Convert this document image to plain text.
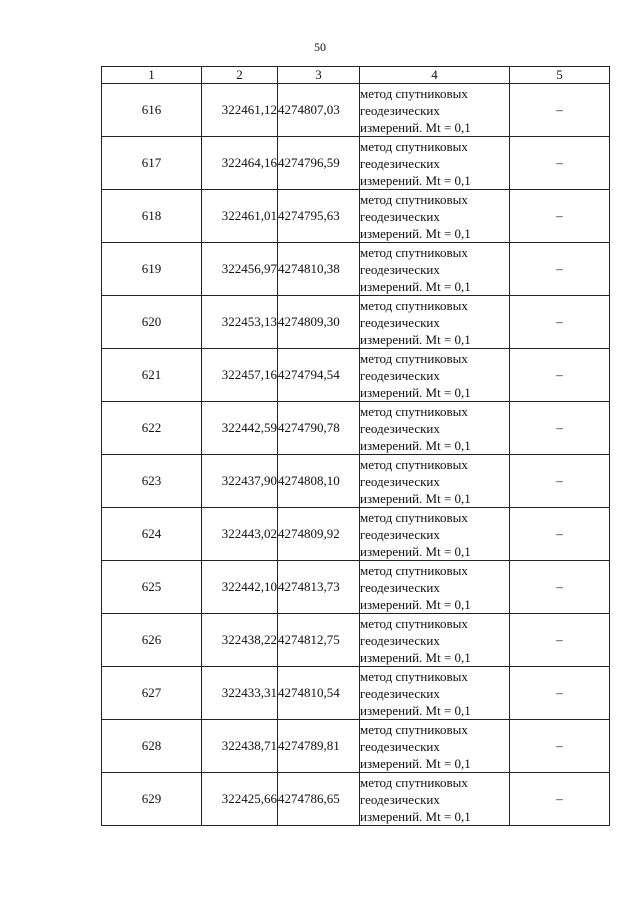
50
1	2	3	4	5
616	322461,12	4274807,03	метод спутниковых
геодезических
измерений. Mt = 0,1	–
617	322464,16	4274796,59	метод спутниковых
геодезических
измерений. Mt = 0,1	–
618	322461,01	4274795,63	метод спутниковых
геодезических
измерений. Mt = 0,1	–
619	322456,97	4274810,38	метод спутниковых
геодезических
измерений. Mt = 0,1	–
620	322453,13	4274809,30	метод спутниковых
геодезических
измерений. Mt = 0,1	–
621	322457,16	4274794,54	метод спутниковых
геодезических
измерений. Mt = 0,1	–
622	322442,59	4274790,78	метод спутниковых
геодезических
измерений. Mt = 0,1	–
623	322437,90	4274808,10	метод спутниковых
геодезических
измерений. Mt = 0,1	–
624	322443,02	4274809,92	метод спутниковых
геодезических
измерений. Mt = 0,1	–
625	322442,10	4274813,73	метод спутниковых
геодезических
измерений. Mt = 0,1	–
626	322438,22	4274812,75	метод спутниковых
геодезических
измерений. Mt = 0,1	–
627	322433,31	4274810,54	метод спутниковых
геодезических
измерений. Mt = 0,1	–
628	322438,71	4274789,81	метод спутниковых
геодезических
измерений. Mt = 0,1	–
629	322425,66	4274786,65	метод спутниковых
геодезических
измерений. Mt = 0,1	–
